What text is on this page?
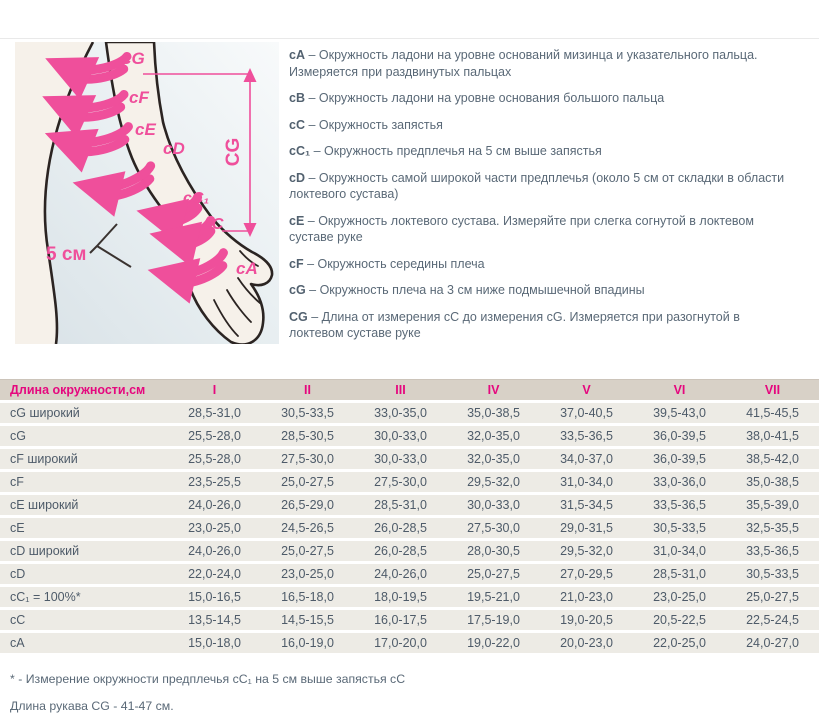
CG
5 см
cG
cF
cE
cD
cC₁
cC
cA

cA – Окружность ладони на уровне оснований мизинца и указательного пальца. Измеряется при раздвинутых пальцах

cB – Окружность ладони на уровне основания большого пальца

cC – Окружность запястья

cC₁ – Окружность предплечья на 5 см выше запястья

cD – Окружность самой широкой части предплечья (около 5 см от складки в области локтевого сустава)

cE – Окружность локтевого сустава. Измеряйте при слегка согнутой в локтевом суставе руке

cF – Окружность середины плеча

cG – Окружность плеча на 3 см ниже подмышечной впадины

CG – Длина от измерения cC до измерения cG. Измеряется при разогнутой в локтевом суставе руке

Длина окружности,см	I	II	III	IV	V	VI	VII
cG широкий	28,5-31,0	30,5-33,5	33,0-35,0	35,0-38,5	37,0-40,5	39,5-43,0	41,5-45,5
cG	25,5-28,0	28,5-30,5	30,0-33,0	32,0-35,0	33,5-36,5	36,0-39,5	38,0-41,5
cF широкий	25,5-28,0	27,5-30,0	30,0-33,0	32,0-35,0	34,0-37,0	36,0-39,5	38,5-42,0
cF	23,5-25,5	25,0-27,5	27,5-30,0	29,5-32,0	31,0-34,0	33,0-36,0	35,0-38,5
cE широкий	24,0-26,0	26,5-29,0	28,5-31,0	30,0-33,0	31,5-34,5	33,5-36,5	35,5-39,0
cE	23,0-25,0	24,5-26,5	26,0-28,5	27,5-30,0	29,0-31,5	30,5-33,5	32,5-35,5
cD широкий	24,0-26,0	25,0-27,5	26,0-28,5	28,0-30,5	29,5-32,0	31,0-34,0	33,5-36,5
cD	22,0-24,0	23,0-25,0	24,0-26,0	25,0-27,5	27,0-29,5	28,5-31,0	30,5-33,5
cC₁ = 100%*	15,0-16,5	16,5-18,0	18,0-19,5	19,5-21,0	21,0-23,0	23,0-25,0	25,0-27,5
cC	13,5-14,5	14,5-15,5	16,0-17,5	17,5-19,0	19,0-20,5	20,5-22,5	22,5-24,5
cA	15,0-18,0	16,0-19,0	17,0-20,0	19,0-22,0	20,0-23,0	22,0-25,0	24,0-27,0

* - Измерение окружности предплечья сС₁ на 5 см выше запястья сС

Длина рукава CG - 41-47 см.
